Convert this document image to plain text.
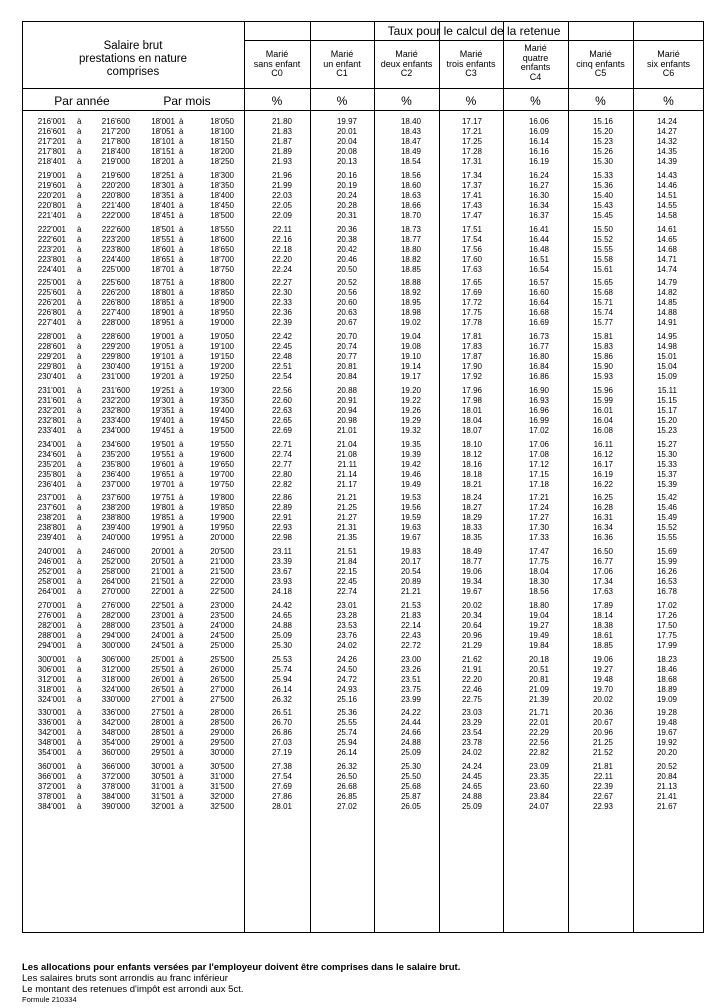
Salaire brut
prestations en nature
comprises
Taux pour le calcul de la retenue
Par année	Par mois
Marié
sans enfant
C0
%
Marié
un enfant
C1
%
Marié
deux enfants
C2
%
Marié
trois enfants
C3
%
Marié
quatre
enfants
C4
%
Marié
cinq enfants
C5
%
Marié
six enfants
C6
%
216'001 à	216'600	18'001 à	18'050	21.80	19.97	18.40	17.17	16.06	15.16	14.24
216'601 à	217'200	18'051 à	18'100	21.83	20.01	18.43	17.21	16.09	15.20	14.27
217'201 à	217'800	18'101 à	18'150	21.87	20.04	18.47	17.25	16.14	15.23	14.32
217'801 à	218'400	18'151 à	18'200	21.89	20.08	18.49	17.28	16.16	15.26	14.35
218'401 à	219'000	18'201 à	18'250	21.93	20.13	18.54	17.31	16.19	15.30	14.39
219'001 à	219'600	18'251 à	18'300	21.96	20.16	18.56	17.34	16.24	15.33	14.43
219'601 à	220'200	18'301 à	18'350	21.99	20.19	18.60	17.37	16.27	15.36	14.46
220'201 à	220'800	18'351 à	18'400	22.03	20.24	18.63	17.41	16.30	15.40	14.51
220'801 à	221'400	18'401 à	18'450	22.05	20.28	18.66	17.43	16.34	15.43	14.55
221'401 à	222'000	18'451 à	18'500	22.09	20.31	18.70	17.47	16.37	15.45	14.58
222'001 à	222'600	18'501 à	18'550	22.11	20.36	18.73	17.51	16.41	15.50	14.61
222'601 à	223'200	18'551 à	18'600	22.16	20.38	18.77	17.54	16.44	15.52	14.65
223'201 à	223'800	18'601 à	18'650	22.18	20.42	18.80	17.56	16.48	15.55	14.68
223'801 à	224'400	18'651 à	18'700	22.20	20.46	18.82	17.60	16.51	15.58	14.71
224'401 à	225'000	18'701 à	18'750	22.24	20.50	18.85	17.63	16.54	15.61	14.74
225'001 à	225'600	18'751 à	18'800	22.27	20.52	18.88	17.65	16.57	15.65	14.79
225'601 à	226'200	18'801 à	18'850	22.30	20.56	18.92	17.69	16.60	15.68	14.82
226'201 à	226'800	18'851 à	18'900	22.33	20.60	18.95	17.72	16.64	15.71	14.85
226'801 à	227'400	18'901 à	18'950	22.36	20.63	18.98	17.75	16.68	15.74	14.88
227'401 à	228'000	18'951 à	19'000	22.39	20.67	19.02	17.78	16.69	15.77	14.91
228'001 à	228'600	19'001 à	19'050	22.42	20.70	19.04	17.81	16.73	15.81	14.95
228'601 à	229'200	19'051 à	19'100	22.45	20.74	19.08	17.83	16.77	15.83	14.98
229'201 à	229'800	19'101 à	19'150	22.48	20.77	19.10	17.87	16.80	15.86	15.01
229'801 à	230'400	19'151 à	19'200	22.51	20.81	19.14	17.90	16.84	15.90	15.04
230'401 à	231'000	19'201 à	19'250	22.54	20.84	19.17	17.92	16.86	15.93	15.09
231'001 à	231'600	19'251 à	19'300	22.56	20.88	19.20	17.96	16.90	15.96	15.11
231'601 à	232'200	19'301 à	19'350	22.60	20.91	19.22	17.98	16.93	15.99	15.15
232'201 à	232'800	19'351 à	19'400	22.63	20.94	19.26	18.01	16.96	16.01	15.17
232'801 à	233'400	19'401 à	19'450	22.65	20.98	19.29	18.04	16.99	16.04	15.20
233'401 à	234'000	19'451 à	19'500	22.69	21.01	19.32	18.07	17.02	16.08	15.23
234'001 à	234'600	19'501 à	19'550	22.71	21.04	19.35	18.10	17.06	16.11	15.27
234'601 à	235'200	19'551 à	19'600	22.74	21.08	19.39	18.12	17.08	16.12	15.30
235'201 à	235'800	19'601 à	19'650	22.77	21.11	19.42	18.16	17.12	16.17	15.33
235'801 à	236'400	19'651 à	19'700	22.80	21.14	19.46	18.18	17.15	16.19	15.37
236'401 à	237'000	19'701 à	19'750	22.82	21.17	19.49	18.21	17.18	16.22	15.39
237'001 à	237'600	19'751 à	19'800	22.86	21.21	19.53	18.24	17.21	16.25	15.42
237'601 à	238'200	19'801 à	19'850	22.89	21.25	19.56	18.27	17.24	16.28	15.46
238'201 à	238'800	19'851 à	19'900	22.91	21.27	19.59	18.29	17.27	16.31	15.49
238'801 à	239'400	19'901 à	19'950	22.93	21.31	19.63	18.33	17.30	16.34	15.52
239'401 à	240'000	19'951 à	20'000	22.98	21.35	19.67	18.35	17.33	16.36	15.55
240'001 à	246'000	20'001 à	20'500	23.11	21.51	19.83	18.49	17.47	16.50	15.69
246'001 à	252'000	20'501 à	21'000	23.39	21.84	20.17	18.77	17.75	16.77	15.99
252'001 à	258'000	21'001 à	21'500	23.67	22.15	20.54	19.06	18.04	17.06	16.26
258'001 à	264'000	21'501 à	22'000	23.93	22.45	20.89	19.34	18.30	17.34	16.53
264'001 à	270'000	22'001 à	22'500	24.18	22.74	21.21	19.67	18.56	17.63	16.78
270'001 à	276'000	22'501 à	23'000	24.42	23.01	21.53	20.02	18.80	17.89	17.02
276'001 à	282'000	23'001 à	23'500	24.65	23.28	21.83	20.34	19.04	18.14	17.26
282'001 à	288'000	23'501 à	24'000	24.88	23.53	22.14	20.64	19.27	18.38	17.50
288'001 à	294'000	24'001 à	24'500	25.09	23.76	22.43	20.96	19.49	18.61	17.75
294'001 à	300'000	24'501 à	25'000	25.30	24.02	22.72	21.29	19.84	18.85	17.99
300'001 à	306'000	25'001 à	25'500	25.53	24.26	23.00	21.62	20.18	19.06	18.23
306'001 à	312'000	25'501 à	26'000	25.74	24.50	23.26	21.91	20.51	19.27	18.46
312'001 à	318'000	26'001 à	26'500	25.94	24.72	23.51	22.20	20.81	19.48	18.68
318'001 à	324'000	26'501 à	27'000	26.14	24.93	23.75	22.46	21.09	19.70	18.89
324'001 à	330'000	27'001 à	27'500	26.32	25.16	23.99	22.75	21.39	20.02	19.09
330'001 à	336'000	27'501 à	28'000	26.51	25.36	24.22	23.03	21.71	20.36	19.28
336'001 à	342'000	28'001 à	28'500	26.70	25.55	24.44	23.29	22.01	20.67	19.48
342'001 à	348'000	28'501 à	29'000	26.86	25.74	24.66	23.54	22.29	20.96	19.67
348'001 à	354'000	29'001 à	29'500	27.03	25.94	24.88	23.78	22.56	21.25	19.92
354'001 à	360'000	29'501 à	30'000	27.19	26.14	25.09	24.02	22.82	21.52	20.20
360'001 à	366'000	30'001 à	30'500	27.38	26.32	25.30	24.24	23.09	21.81	20.52
366'001 à	372'000	30'501 à	31'000	27.54	26.50	25.50	24.45	23.35	22.11	20.84
372'001 à	378'000	31'001 à	31'500	27.69	26.68	25.68	24.65	23.60	22.39	21.13
378'001 à	384'000	31'501 à	32'000	27.86	26.85	25.87	24.88	23.84	22.67	21.41
384'001 à	390'000	32'001 à	32'500	28.01	27.02	26.05	25.09	24.07	22.93	21.67
Les allocations pour enfants versées par l'employeur doivent être comprises dans le salaire brut.
Les salaires bruts sont arrondis au franc inférieur
Le montant des retenues d'impôt est arrondi aux 5ct.
Formule 210334
